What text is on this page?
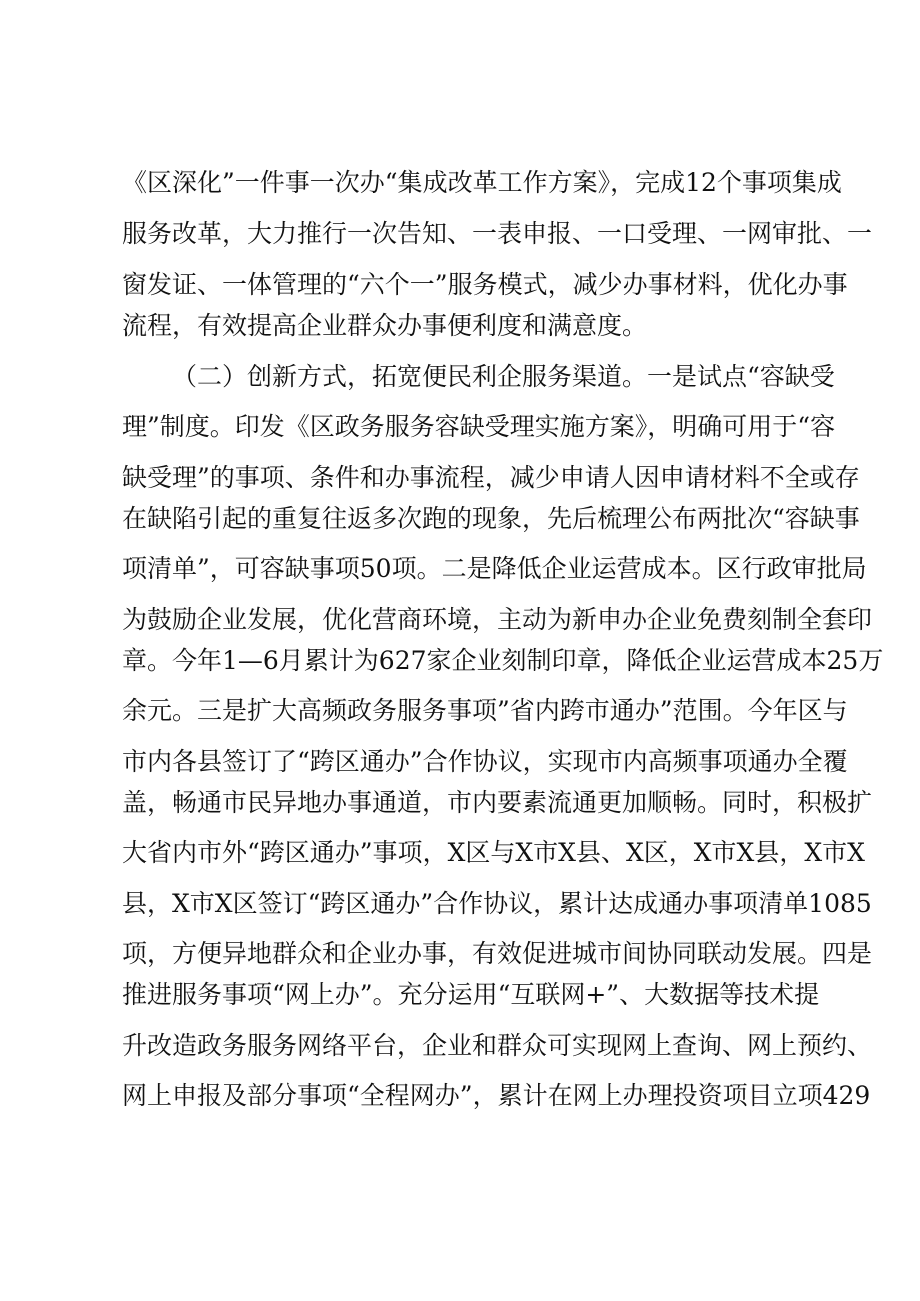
《区深化”一件事一次办“集成改革工作方案》，完成12个事项集成
服务改革，大力推行一次告知、一表申报、一口受理、一网审批、一
窗发证、一体管理的“六个一”服务模式，减少办事材料，优化办事
流程，有效提高企业群众办事便利度和满意度。
（二）创新方式，拓宽便民利企服务渠道。一是试点“容缺受
理”制度。印发《区政务服务容缺受理实施方案》，明确可用于“容
缺受理”的事项、条件和办事流程，减少申请人因申请材料不全或存
在缺陷引起的重复往返多次跑的现象，先后梳理公布两批次“容缺事
项清单”，可容缺事项50项。二是降低企业运营成本。区行政审批局
为鼓励企业发展，优化营商环境，主动为新申办企业免费刻制全套印
章。今年1—6月累计为627家企业刻制印章，降低企业运营成本25万
余元。三是扩大高频政务服务事项”省内跨市通办”范围。今年区与
市内各县签订了“跨区通办”合作协议，实现市内高频事项通办全覆
盖，畅通市民异地办事通道，市内要素流通更加顺畅。同时，积极扩
大省内市外“跨区通办”事项，X区与X市X县、X区，X市X县，X市X
县，X市X区签订“跨区通办”合作协议，累计达成通办事项清单1085
项，方便异地群众和企业办事，有效促进城市间协同联动发展。四是
推进服务事项“网上办”。充分运用“互联网+”、大数据等技术提
升改造政务服务网络平台，企业和群众可实现网上查询、网上预约、
网上申报及部分事项“全程网办”，累计在网上办理投资项目立项429
